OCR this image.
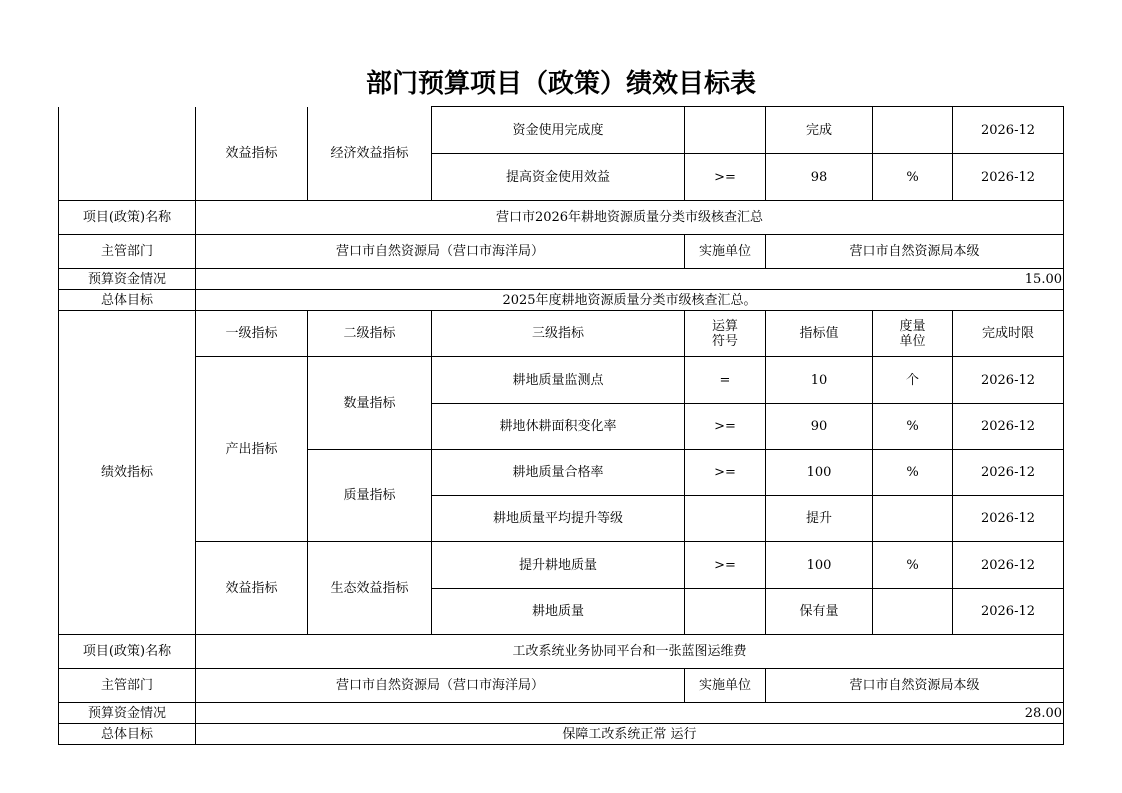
部门预算项目（政策）绩效目标表
	效益指标	经济效益指标	资金使用完成度		完成		2026-12
			提高资金使用效益	>=	98	%	2026-12
项目(政策)名称	营口市2026年耕地资源质量分类市级核查汇总						
主管部门	营口市自然资源局（营口市海洋局）			实施单位	营口市自然资源局本级		
预算资金情况	15.00						
总体目标	2025年度耕地资源质量分类市级核查汇总。						
绩效指标	一级指标	二级指标	三级指标	运算符号	指标值	度量单位	完成时限
	产出指标	数量指标	耕地质量监测点	=	10	个	2026-12
			耕地休耕面积变化率	>=	90	%	2026-12
		质量指标	耕地质量合格率	>=	100	%	2026-12
			耕地质量平均提升等级		提升		2026-12
	效益指标	生态效益指标	提升耕地质量	>=	100	%	2026-12
			耕地质量		保有量		2026-12
项目(政策)名称	工改系统业务协同平台和一张蓝图运维费						
主管部门	营口市自然资源局（营口市海洋局）			实施单位	营口市自然资源局本级		
预算资金情况	28.00						
总体目标	保障工改系统正常 运行						
